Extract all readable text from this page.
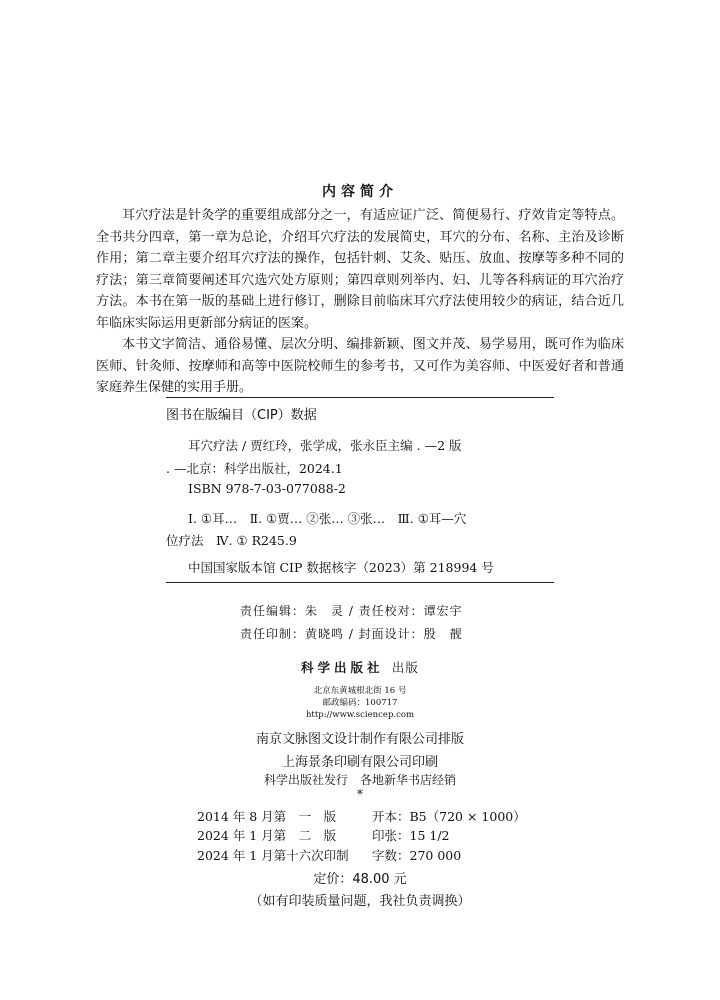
内容简介

耳穴疗法是针灸学的重要组成部分之一，有适应证广泛、简便易行、疗效肯定等特点。全书共分四章，第一章为总论，介绍耳穴疗法的发展简史，耳穴的分布、名称、主治及诊断作用；第二章主要介绍耳穴疗法的操作，包括针刺、艾灸、贴压、放血、按摩等多种不同的疗法；第三章简要阐述耳穴选穴处方原则；第四章则列举内、妇、儿等各科病证的耳穴治疗方法。本书在第一版的基础上进行修订，删除目前临床耳穴疗法使用较少的病证，结合近几年临床实际运用更新部分病证的医案。

本书文字简洁、通俗易懂、层次分明、编排新颖、图文并茂、易学易用，既可作为临床医师、针灸师、按摩师和高等中医院校师生的参考书，又可作为美容师、中医爱好者和普通家庭养生保健的实用手册。

图书在版编目（CIP）数据
耳穴疗法 / 贾红玲，张学成，张永臣主编 . —2 版
. —北京：科学出版社，2024.1
ISBN 978-7-03-077088-2
Ⅰ. ①耳…　Ⅱ. ①贾… ②张… ③张…　Ⅲ. ①耳—穴
位疗法　Ⅳ. ① R245.9
中国国家版本馆 CIP 数据核字（2023）第 218994 号
责任编辑：朱　灵 / 责任校对：谭宏宇
责任印制：黄晓鸣 / 封面设计：殷　靓
科学出版社 出版
北京东黄城根北街 16 号
邮政编码：100717
http://www.sciencep.com
南京文脉图文设计制作有限公司排版
上海景条印刷有限公司印刷
科学出版社发行　各地新华书店经销
*
2014 年 8 月第　一　版	开本：B5（720 × 1000）
2024 年 1 月第　二　版	印张：15 1/2
2024 年 1 月第十六次印制 字数：270 000
定价：48.00 元
（如有印装质量问题，我社负责调换）
